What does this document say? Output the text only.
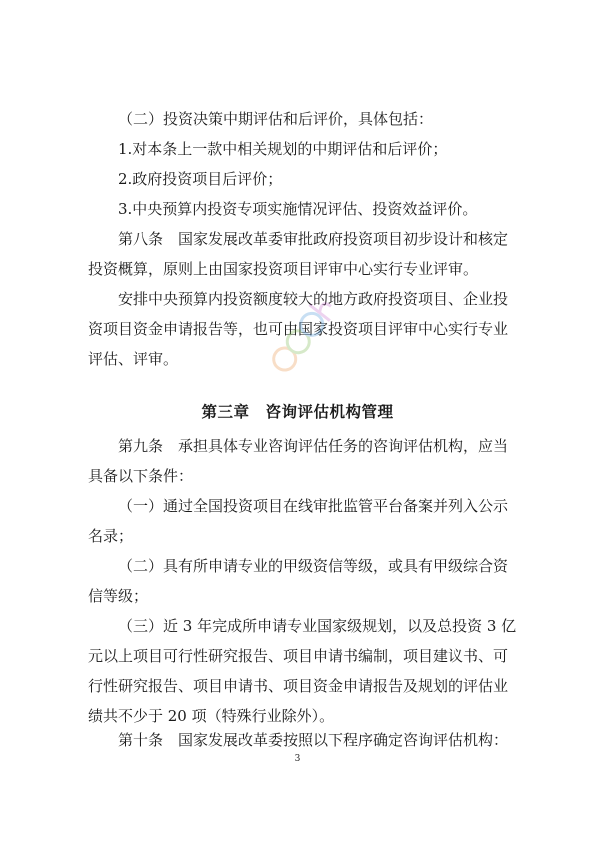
（二）投资决策中期评估和后评价，具体包括：
1.对本条上一款中相关规划的中期评估和后评价；
2.政府投资项目后评价；
3.中央预算内投资专项实施情况评估、投资效益评价。
第八条　国家发展改革委审批政府投资项目初步设计和核定
投资概算，原则上由国家投资项目评审中心实行专业评审。
安排中央预算内投资额度较大的地方政府投资项目、企业投
资项目资金申请报告等，也可由国家投资项目评审中心实行专业
评估、评审。
第三章　咨询评估机构管理
第九条　承担具体专业咨询评估任务的咨询评估机构，应当
具备以下条件：
（一）通过全国投资项目在线审批监管平台备案并列入公示
名录；
（二）具有所申请专业的甲级资信等级，或具有甲级综合资
信等级；
（三）近 3 年完成所申请专业国家级规划，以及总投资 3 亿
元以上项目可行性研究报告、项目申请书编制，项目建议书、可
行性研究报告、项目申请书、项目资金申请报告及规划的评估业
绩共不少于 20 项（特殊行业除外）。
第十条　国家发展改革委按照以下程序确定咨询评估机构：
3
